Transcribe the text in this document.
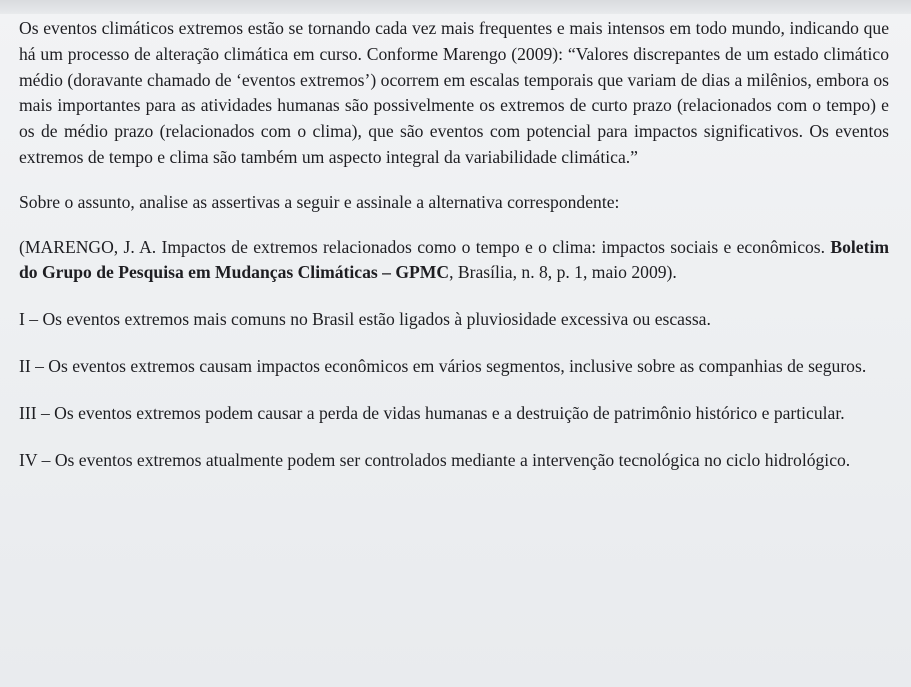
Os eventos climáticos extremos estão se tornando cada vez mais frequentes e mais intensos em todo mundo, indicando que há um processo de alteração climática em curso. Conforme Marengo (2009): “Valores discrepantes de um estado climático médio (doravante chamado de ‘eventos extremos’) ocorrem em escalas temporais que variam de dias a milênios, embora os mais importantes para as atividades humanas são possivelmente os extremos de curto prazo (relacionados com o tempo) e os de médio prazo (relacionados com o clima), que são eventos com potencial para impactos significativos. Os eventos extremos de tempo e clima são também um aspecto integral da variabilidade climática.”

Sobre o assunto, analise as assertivas a seguir e assinale a alternativa correspondente:

(MARENGO, J. A. Impactos de extremos relacionados como o tempo e o clima: impactos sociais e econômicos. Boletim do Grupo de Pesquisa em Mudanças Climáticas – GPMC, Brasília, n. 8, p. 1, maio 2009).

I – Os eventos extremos mais comuns no Brasil estão ligados à pluviosidade excessiva ou escassa.

II – Os eventos extremos causam impactos econômicos em vários segmentos, inclusive sobre as companhias de seguros.

III – Os eventos extremos podem causar a perda de vidas humanas e a destruição de patrimônio histórico e particular.

IV – Os eventos extremos atualmente podem ser controlados mediante a intervenção tecnológica no ciclo hidrológico.
